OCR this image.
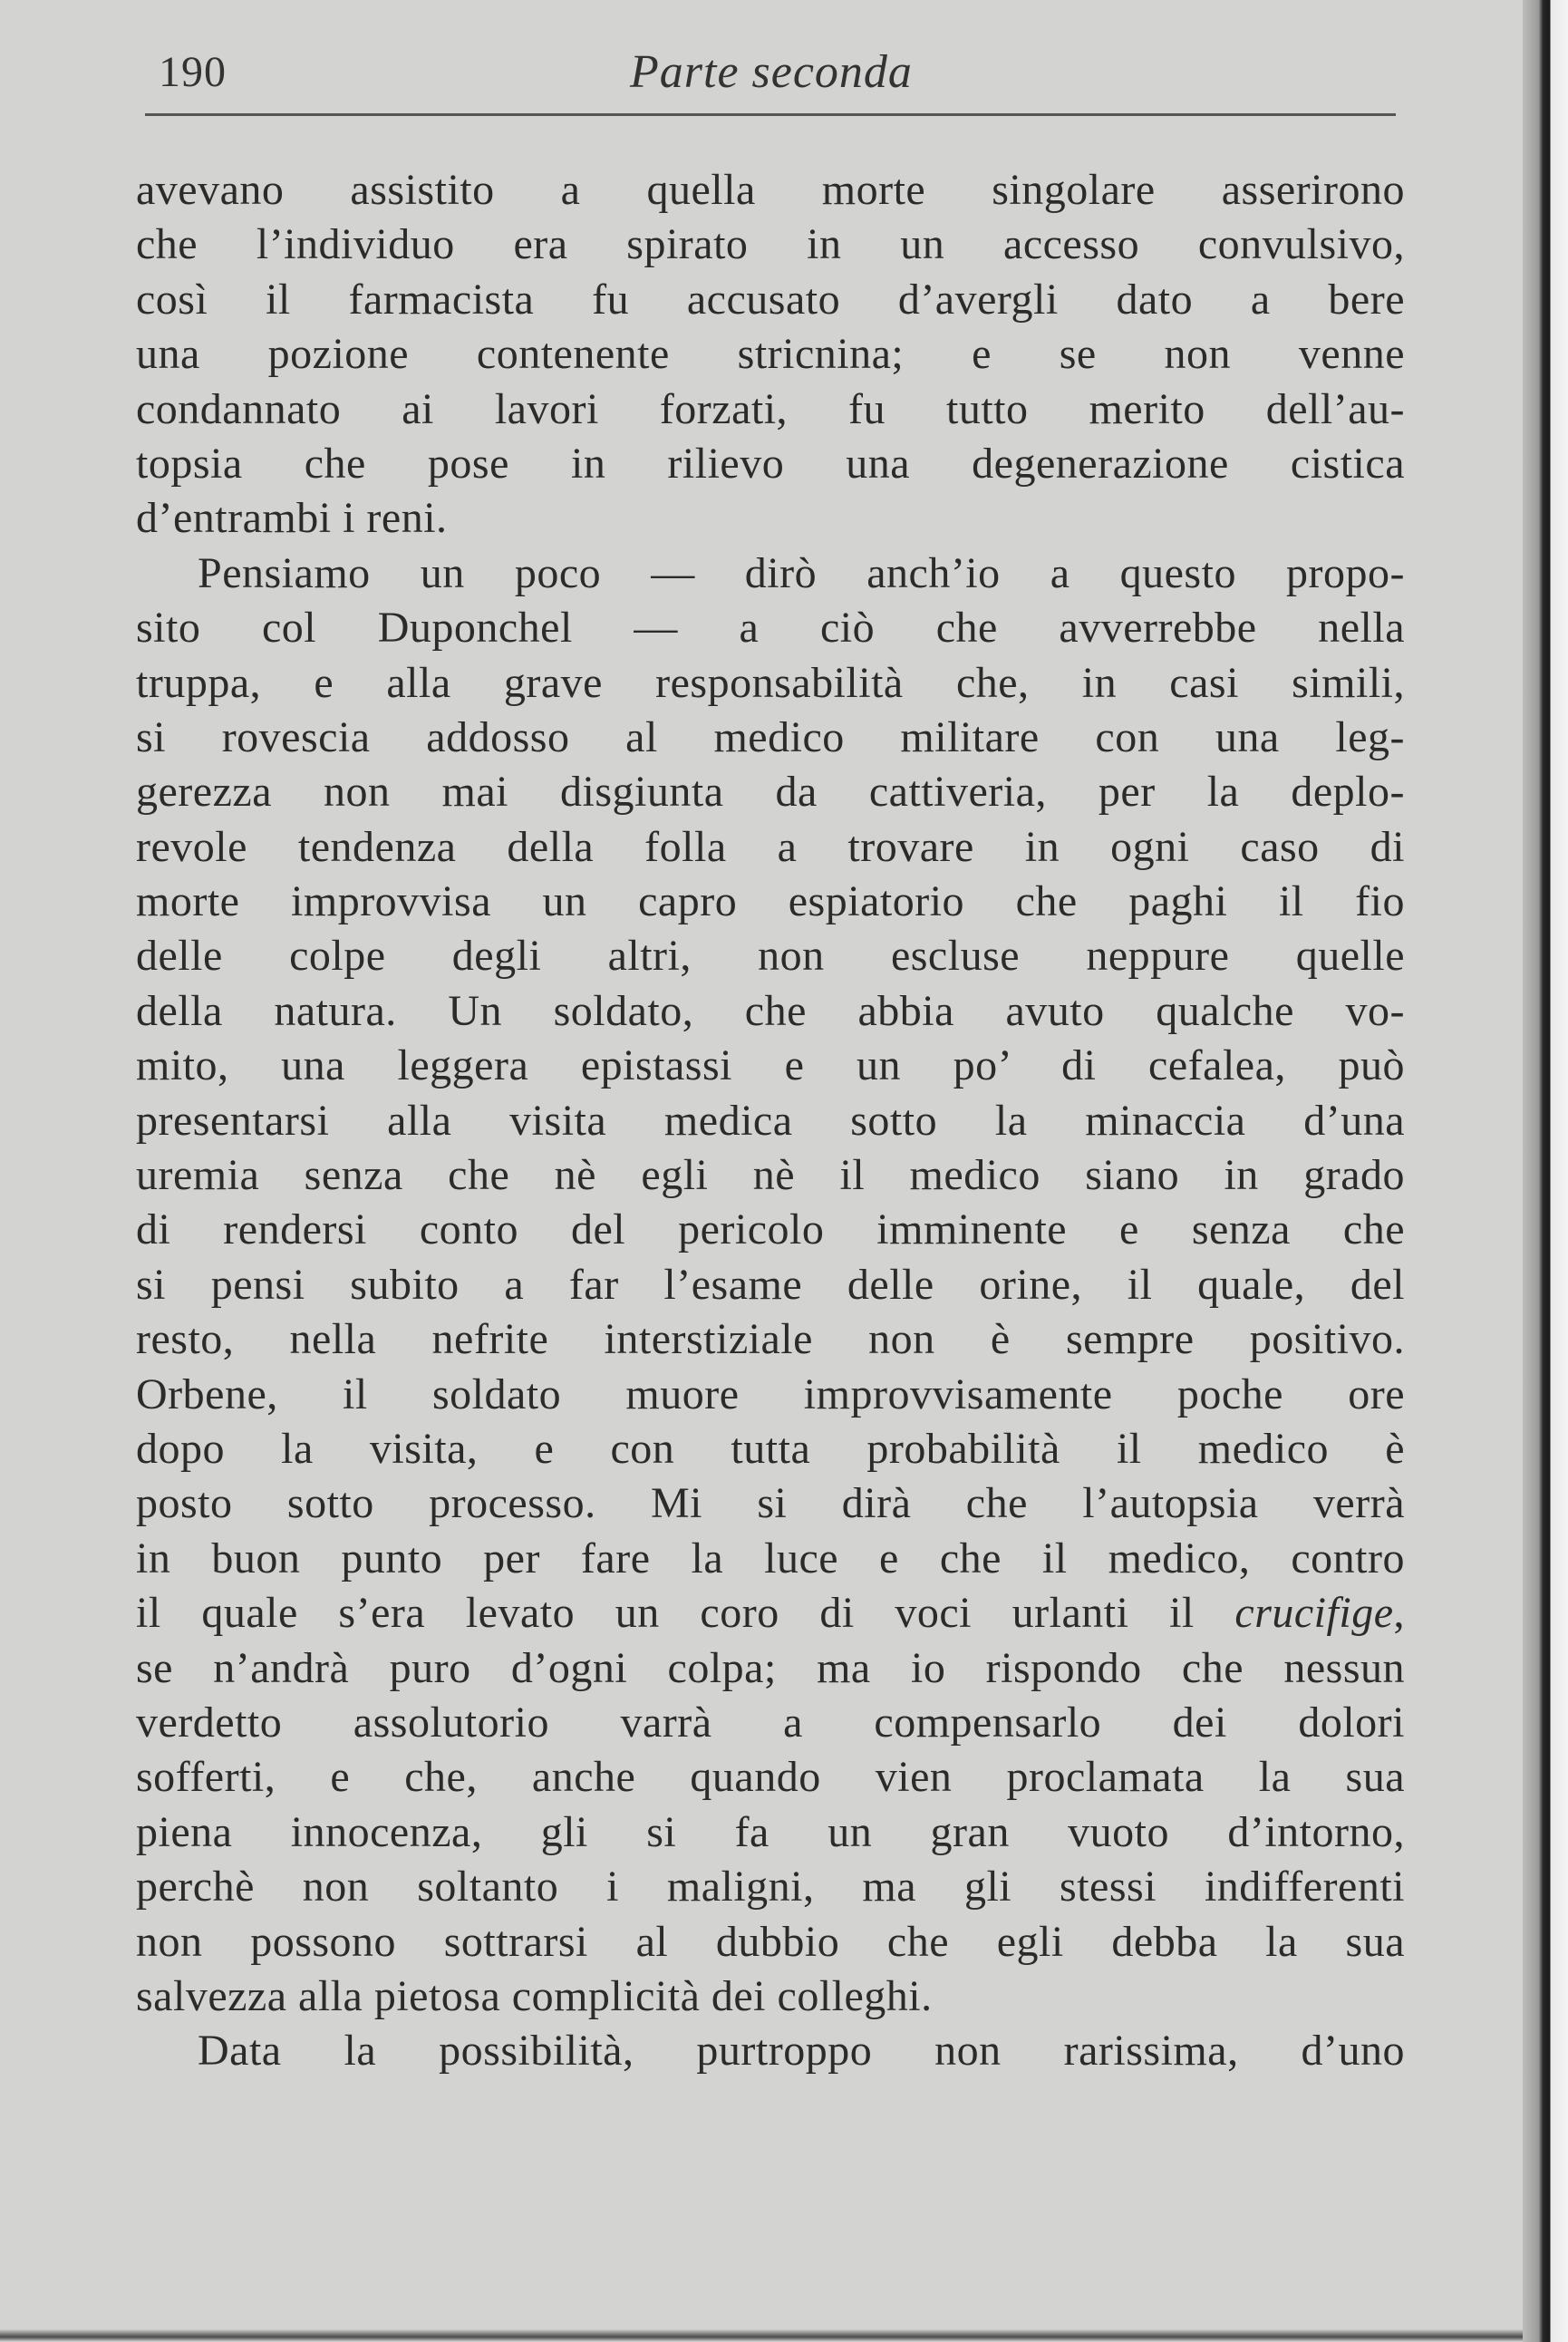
190	Parte seconda
avevano assistito a quella morte singolare asserirono
che l’individuo era spirato in un accesso convulsivo,
così il farmacista fu accusato d’avergli dato a bere
una pozione contenente stricnina; e se non venne
condannato ai lavori forzati, fu tutto merito dell’au-
topsia che pose in rilievo una degenerazione cistica
d’entrambi i reni.
Pensiamo un poco — dirò anch’io a questo propo-
sito col Duponchel — a ciò che avverrebbe nella
truppa, e alla grave responsabilità che, in casi simili,
si rovescia addosso al medico militare con una leg-
gerezza non mai disgiunta da cattiveria, per la deplo-
revole tendenza della folla a trovare in ogni caso di
morte improvvisa un capro espiatorio che paghi il fio
delle colpe degli altri, non escluse neppure quelle
della natura. Un soldato, che abbia avuto qualche vo-
mito, una leggera epistassi e un po’ di cefalea, può
presentarsi alla visita medica sotto la minaccia d’una
uremia senza che nè egli nè il medico siano in grado
di rendersi conto del pericolo imminente e senza che
si pensi subito a far l’esame delle orine, il quale, del
resto, nella nefrite interstiziale non è sempre positivo.
Orbene, il soldato muore improvvisamente poche ore
dopo la visita, e con tutta probabilità il medico è
posto sotto processo. Mi si dirà che l’autopsia verrà
in buon punto per fare la luce e che il medico, contro
il quale s’era levato un coro di voci urlanti il crucifige,
se n’andrà puro d’ogni colpa; ma io rispondo che nessun
verdetto assolutorio varrà a compensarlo dei dolori
sofferti, e che, anche quando vien proclamata la sua
piena innocenza, gli si fa un gran vuoto d’intorno,
perchè non soltanto i maligni, ma gli stessi indifferenti
non possono sottrarsi al dubbio che egli debba la sua
salvezza alla pietosa complicità dei colleghi.
Data la possibilità, purtroppo non rarissima, d’uno
